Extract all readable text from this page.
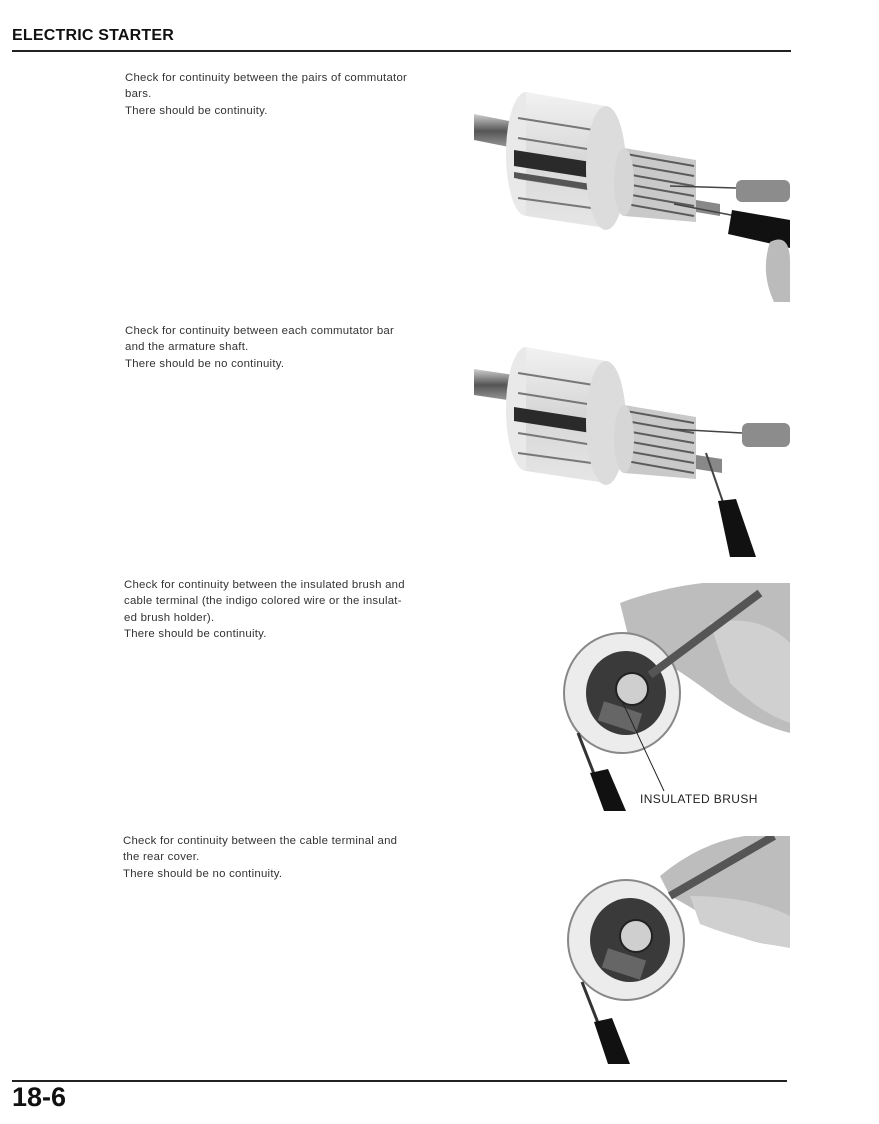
ELECTRIC STARTER
Check for continuity between the pairs of commutator
bars.
There should be continuity.
Check for continuity between each commutator bar
and the armature shaft.
There should be no continuity.
Check for continuity between the insulated brush and
cable terminal (the indigo colored wire or the insulat-
ed brush holder).
There should be continuity.
INSULATED BRUSH
Check for continuity between the cable terminal and
the rear cover.
There should be no continuity.
18-6
